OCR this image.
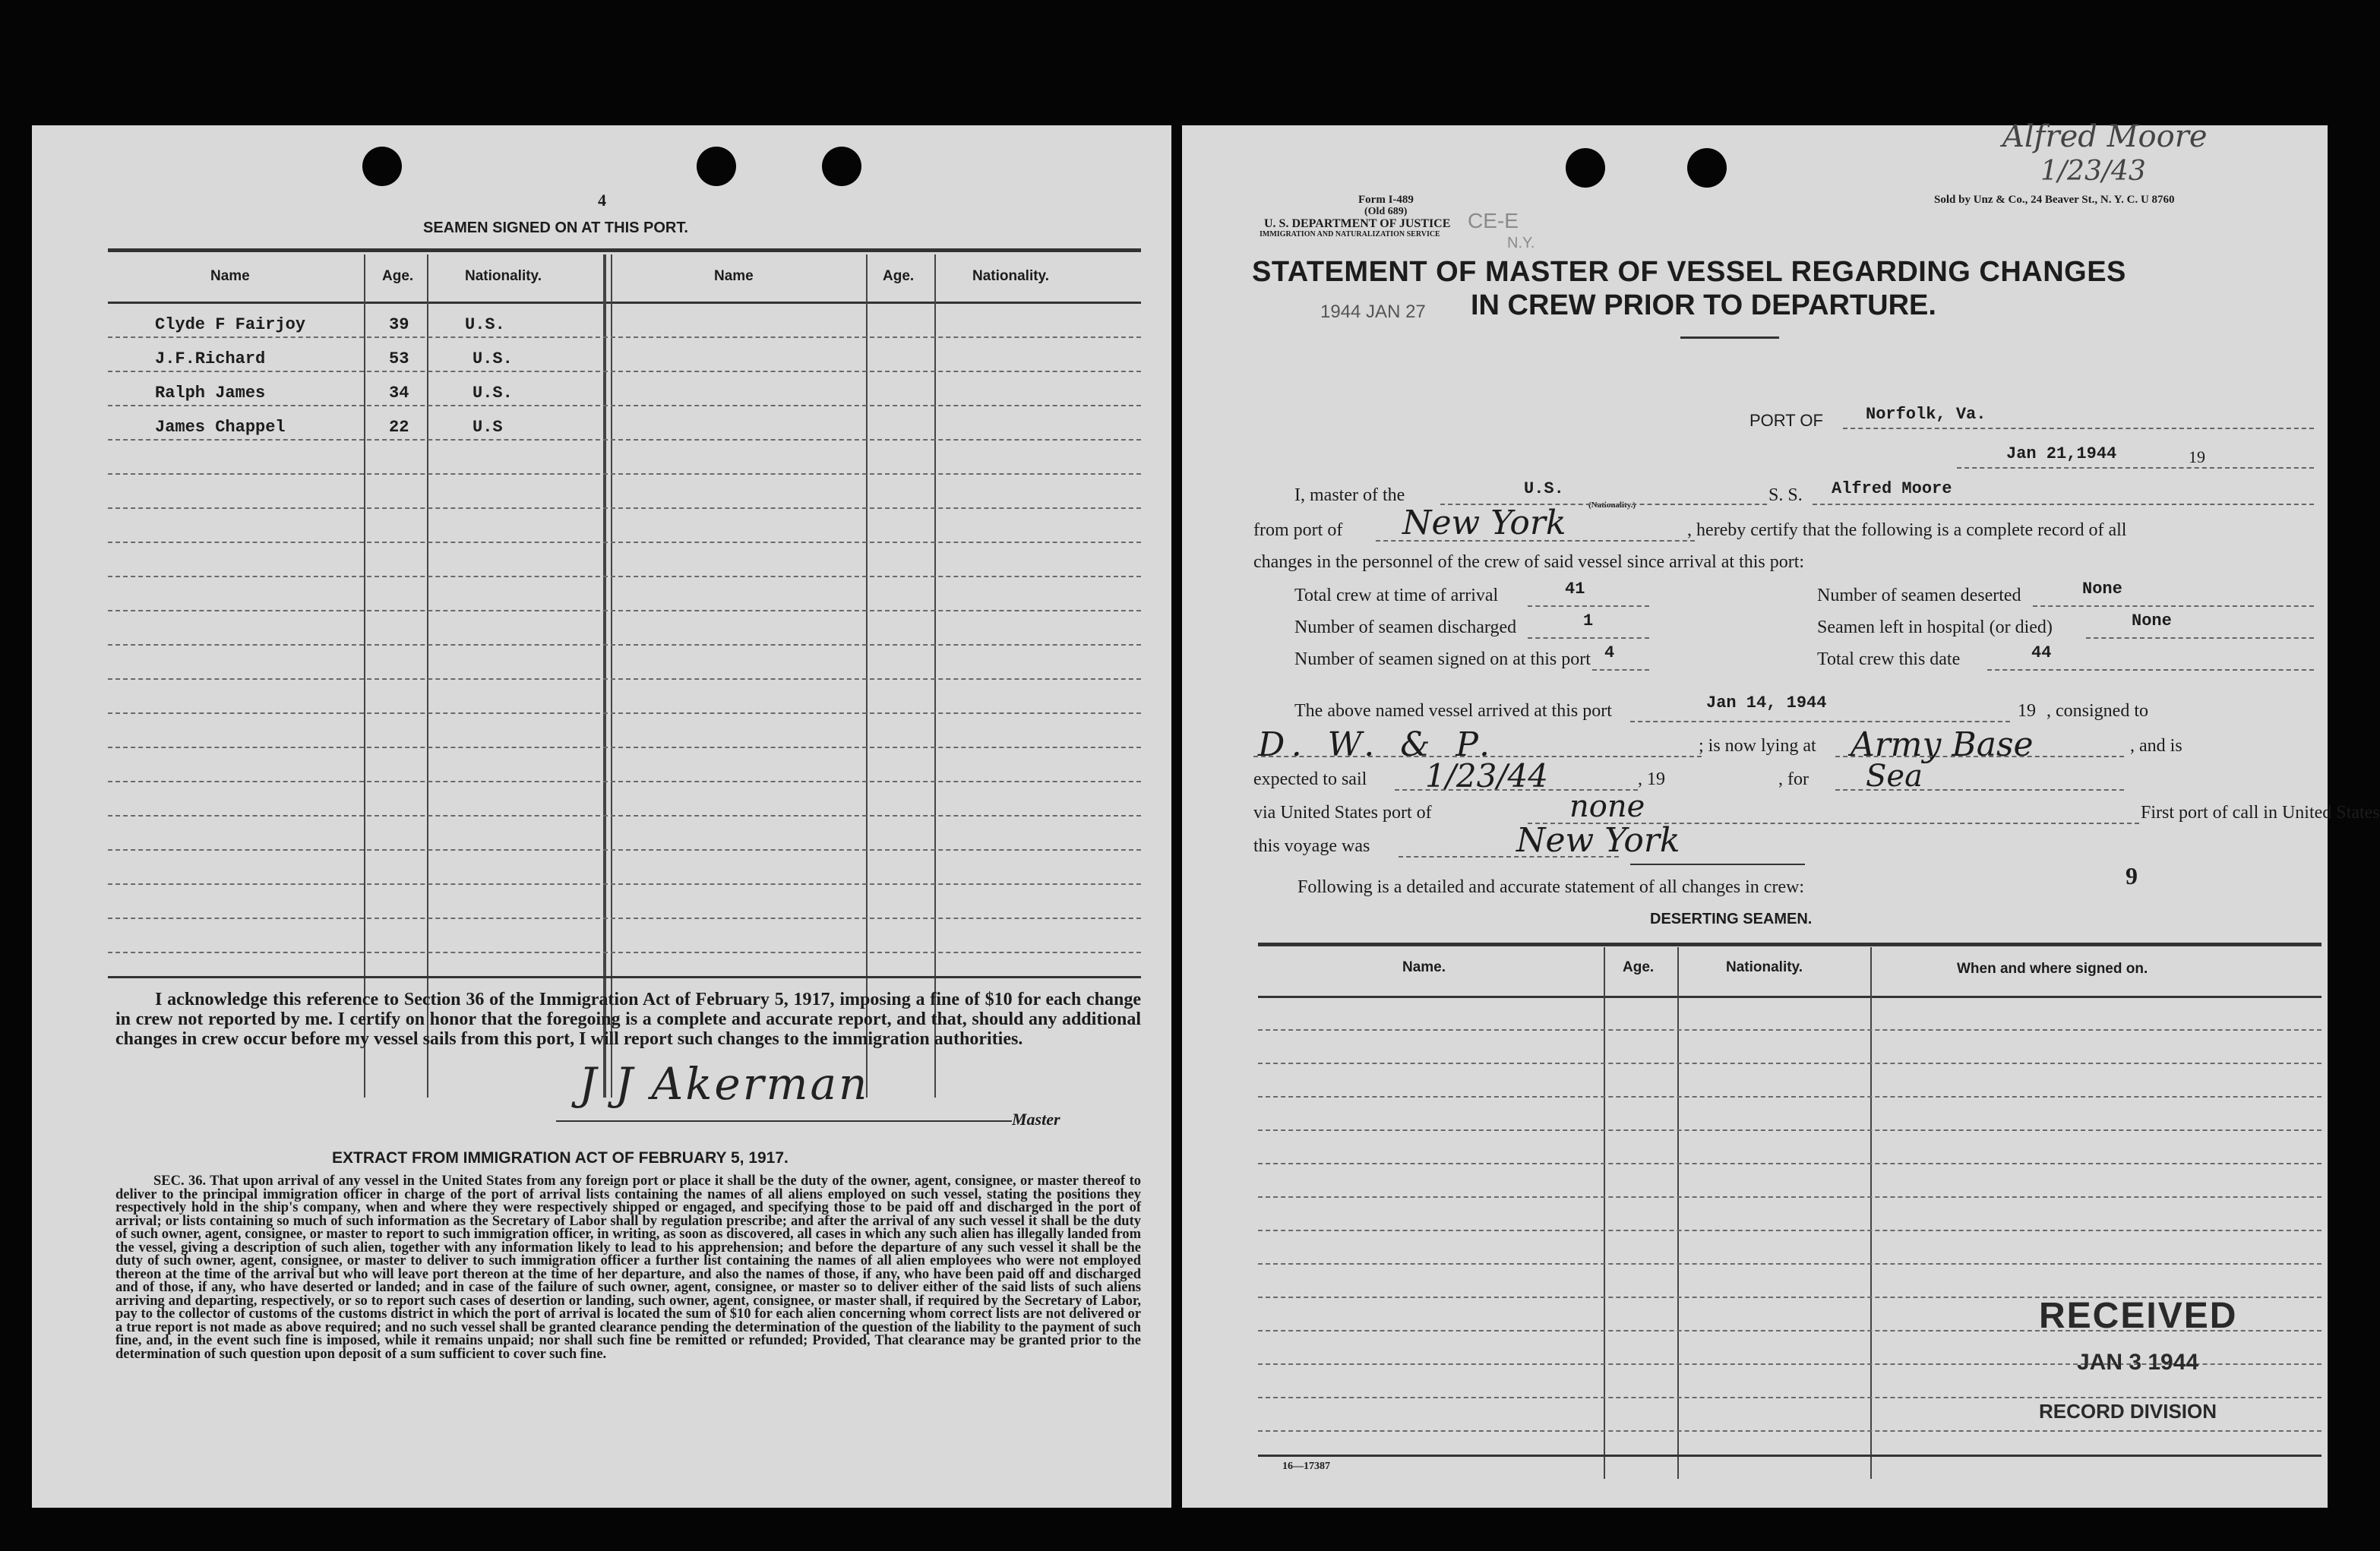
4
SEAMEN SIGNED ON AT THIS PORT.
Name	Age.	Nationality.	Name	Age.	Nationality.
Clyde F Fairjoy	39	U.S.
J.F.Richard	53	U.S.
Ralph James	34	U.S.
James Chappel	22	U.S
I acknowledge this reference to Section 36 of the Immigration Act of February 5, 1917, imposing a fine of $10 for each change in crew not reported by me. I certify on honor that the foregoing is a complete and accurate report, and that, should any additional changes in crew occur before my vessel sails from this port, I will report such changes to the immigration authorities.
J J Akerman
Master
EXTRACT FROM IMMIGRATION ACT OF FEBRUARY 5, 1917.
SEC. 36. That upon arrival of any vessel in the United States from any foreign port or place it shall be the duty of the owner, agent, consignee, or master thereof to deliver to the principal immigration officer in charge of the port of arrival lists containing the names of all aliens employed on such vessel, stating the positions they respectively hold in the ship's company, when and where they were respectively shipped or engaged, and specifying those to be paid off and discharged in the port of arrival; or lists containing so much of such information as the Secretary of Labor shall by regulation prescribe; and after the arrival of any such vessel it shall be the duty of such owner, agent, consignee, or master to report to such immigration officer, in writing, as soon as discovered, all cases in which any such alien has illegally landed from the vessel, giving a description of such alien, together with any information likely to lead to his apprehension; and before the departure of any such vessel it shall be the duty of such owner, agent, consignee, or master to deliver to such immigration officer a further list containing the names of all alien employees who were not employed thereon at the time of the arrival but who will leave port thereon at the time of her departure, and also the names of those, if any, who have been paid off and discharged and of those, if any, who have deserted or landed; and in case of the failure of such owner, agent, consignee, or master so to deliver either of the said lists of such aliens arriving and departing, respectively, or so to report such cases of desertion or landing, such owner, agent, consignee, or master shall, if required by the Secretary of Labor, pay to the collector of customs of the customs district in which the port of arrival is located the sum of $10 for each alien concerning whom correct lists are not delivered or a true report is not made as above required; and no such vessel shall be granted clearance pending the determination of the question of the liability to the payment of such fine, and, in the event such fine is imposed, while it remains unpaid; nor shall such fine be remitted or refunded; Provided, That clearance may be granted prior to the determination of such question upon deposit of a sum sufficient to cover such fine.
Alfred Moore
1/23/43
Form I-489
(Old 689)
U. S. DEPARTMENT OF JUSTICE
IMMIGRATION AND NATURALIZATION SERVICE
CE-E
N.Y.
Sold by Unz & Co., 24 Beaver St., N. Y. C. U 8760
STATEMENT OF MASTER OF VESSEL REGARDING CHANGES
IN CREW PRIOR TO DEPARTURE.
1944 JAN 27
PORT OF	Norfolk, Va.
Jan 21,1944	19
I, master of the	U.S.
(Nationality.)	S. S. Alfred Moore
from port of New York	, hereby certify that the following is a complete record of all
changes in the personnel of the crew of said vessel since arrival at this port:
Total crew at time of arrival	41	Number of seamen deserted	None
Number of seamen discharged	1	Seamen left in hospital (or died)	None
Number of seamen signed on at this port 4	Total crew this date	44
The above named vessel arrived at this port	Jan 14, 1944	19 , consigned to
D. W. & P.	; is now lying at Army Base	, and is
expected to sail 1/23/44	, 19	, for Sea
via United States port of	none	First port of call in United States
this voyage was	New York
Following is a detailed and accurate statement of all changes in crew:	9
DESERTING SEAMEN.
Name.	Age.	Nationality.	When and where signed on.
RECEIVED
JAN 3 1944
RECORD DIVISION
16—17387
